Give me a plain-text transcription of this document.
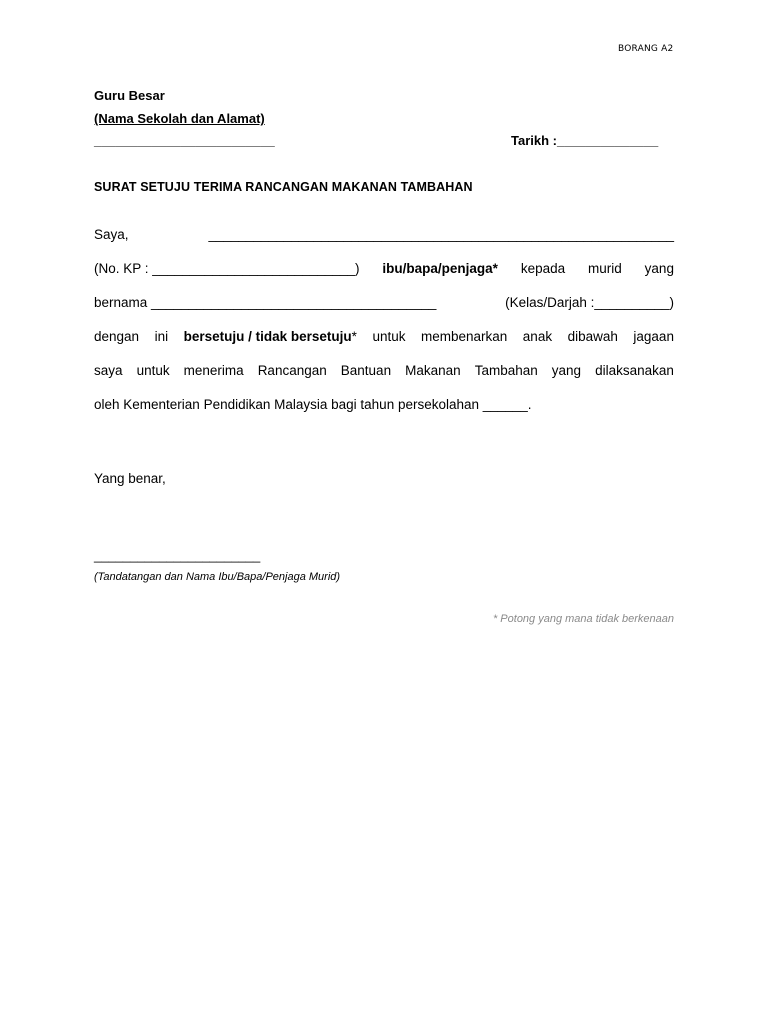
BORANG A2
Guru Besar
(Nama Sekolah dan Alamat)
_________________________	Tarikh :______________
SURAT SETUJU TERIMA RANCANGAN MAKANAN TAMBAHAN
Saya,	______________________________________________________________
(No. KP : ___________________________) ibu/bapa/penjaga* kepada murid yang
bernama ______________________________________	(Kelas/Darjah :__________)
dengan ini bersetuju / tidak bersetuju* untuk membenarkan anak dibawah jagaan
saya untuk menerima Rancangan Bantuan Makanan Tambahan yang dilaksanakan
oleh Kementerian Pendidikan Malaysia bagi tahun persekolahan ______.
Yang benar,
_______________________
(Tandatangan dan Nama Ibu/Bapa/Penjaga Murid)
* Potong yang mana tidak berkenaan
